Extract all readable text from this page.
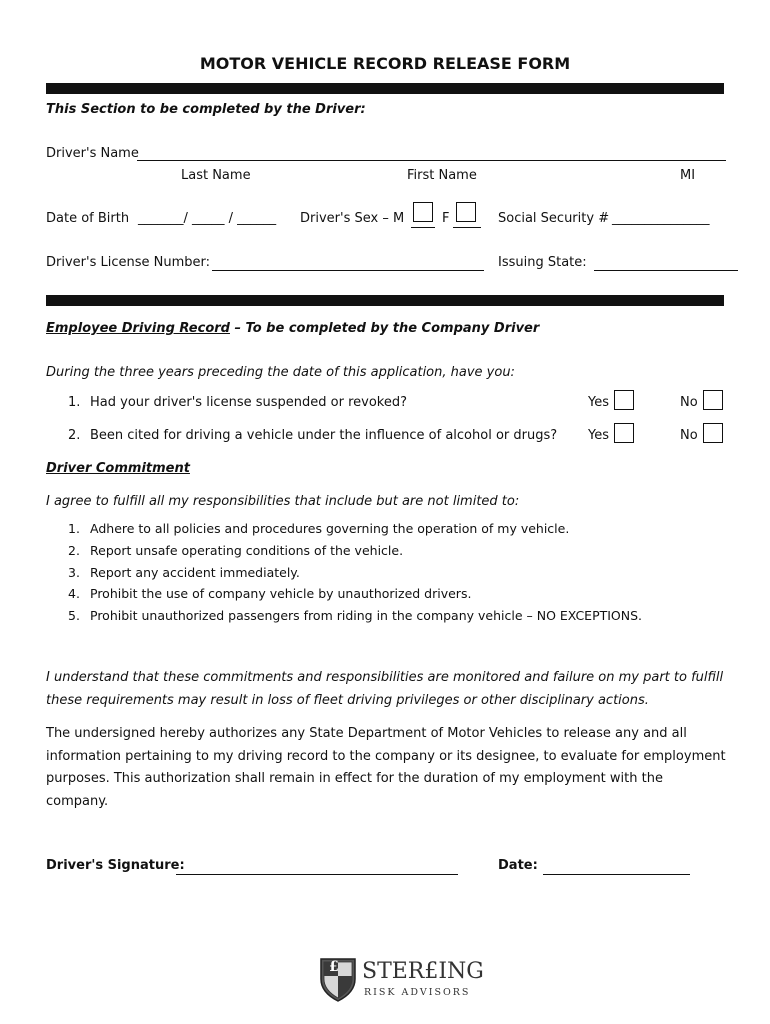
MOTOR VEHICLE RECORD RELEASE FORM
This Section to be completed by the Driver:
Driver's Name
Last Name	First Name	MI
Date of Birth _______/ _____ / ______ Driver's Sex – M	F	Social Security # _______________
Driver's License Number:	Issuing State:
Employee Driving Record – To be completed by the Company Driver
During the three years preceding the date of this application, have you:
1. Had your driver's license suspended or revoked?	Yes	No
2. Been cited for driving a vehicle under the influence of alcohol or drugs? Yes	No
Driver Commitment
I agree to fulfill all my responsibilities that include but are not limited to:
1. Adhere to all policies and procedures governing the operation of my vehicle.
2. Report unsafe operating conditions of the vehicle.
3. Report any accident immediately.
4. Prohibit the use of company vehicle by unauthorized drivers.
5. Prohibit unauthorized passengers from riding in the company vehicle – NO EXCEPTIONS.
I understand that these commitments and responsibilities are monitored and failure on my part to fulfill these requirements may result in loss of fleet driving privileges or other disciplinary actions.
The undersigned hereby authorizes any State Department of Motor Vehicles to release any and all information pertaining to my driving record to the company or its designee, to evaluate for employment purposes. This authorization shall remain in effect for the duration of my employment with the company.
Driver's Signature:	Date:
£ STER£ING
RISK ADVISORS
